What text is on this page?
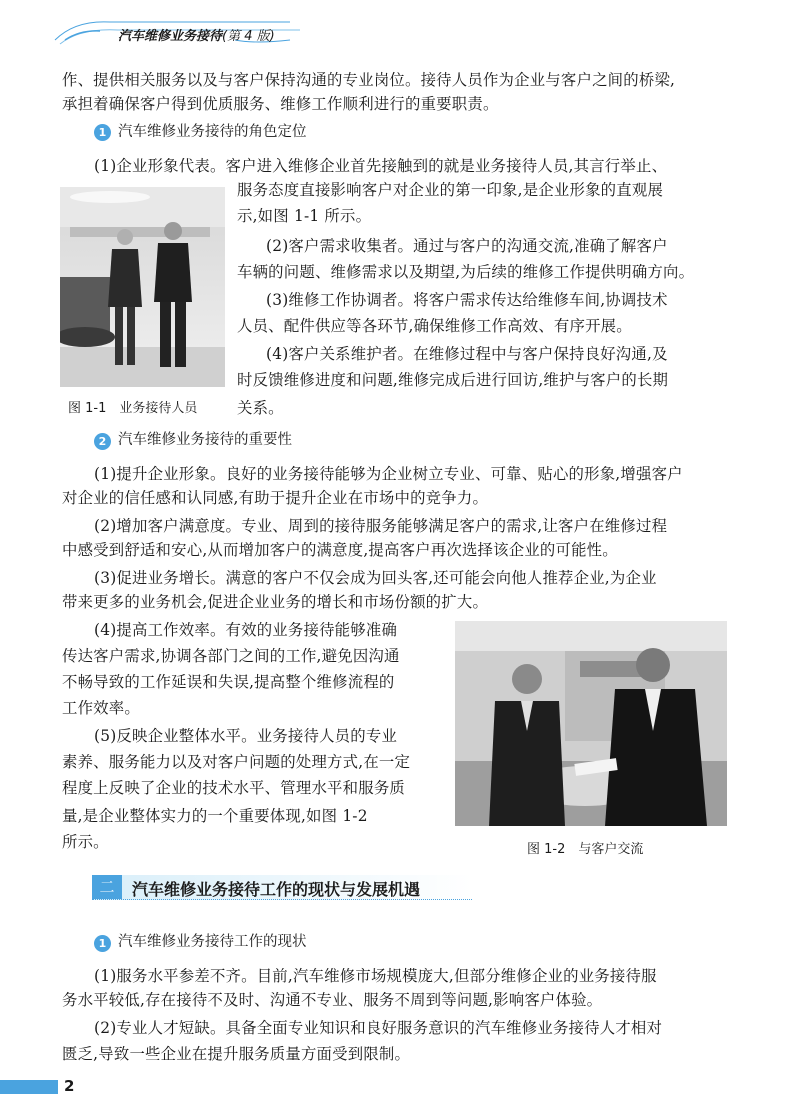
汽车维修业务接待(第 4 版)
作、提供相关服务以及与客户保持沟通的专业岗位。接待人员作为企业与客户之间的桥梁,
承担着确保客户得到优质服务、维修工作顺利进行的重要职责。
1 汽车维修业务接待的角色定位
(1)企业形象代表。客户进入维修企业首先接触到的就是业务接待人员,其言行举止、
服务态度直接影响客户对企业的第一印象,是企业形象的直观展
示,如图 1-1 所示。
(2)客户需求收集者。通过与客户的沟通交流,准确了解客户
车辆的问题、维修需求以及期望,为后续的维修工作提供明确方向。
(3)维修工作协调者。将客户需求传达给维修车间,协调技术
人员、配件供应等各环节,确保维修工作高效、有序开展。
(4)客户关系维护者。在维修过程中与客户保持良好沟通,及
时反馈维修进度和问题,维修完成后进行回访,维护与客户的长期
关系。
图 1-1　业务接待人员
2 汽车维修业务接待的重要性
(1)提升企业形象。良好的业务接待能够为企业树立专业、可靠、贴心的形象,增强客户
对企业的信任感和认同感,有助于提升企业在市场中的竞争力。
(2)增加客户满意度。专业、周到的接待服务能够满足客户的需求,让客户在维修过程
中感受到舒适和安心,从而增加客户的满意度,提高客户再次选择该企业的可能性。
(3)促进业务增长。满意的客户不仅会成为回头客,还可能会向他人推荐企业,为企业
带来更多的业务机会,促进企业业务的增长和市场份额的扩大。
(4)提高工作效率。有效的业务接待能够准确
传达客户需求,协调各部门之间的工作,避免因沟通
不畅导致的工作延误和失误,提高整个维修流程的
工作效率。
(5)反映企业整体水平。业务接待人员的专业
素养、服务能力以及对客户问题的处理方式,在一定
程度上反映了企业的技术水平、管理水平和服务质
量,是企业整体实力的一个重要体现,如图 1-2
所示。	图 1-2　与客户交流
二	汽车维修业务接待工作的现状与发展机遇
1 汽车维修业务接待工作的现状
(1)服务水平参差不齐。目前,汽车维修市场规模庞大,但部分维修企业的业务接待服
务水平较低,存在接待不及时、沟通不专业、服务不周到等问题,影响客户体验。
(2)专业人才短缺。具备全面专业知识和良好服务意识的汽车维修业务接待人才相对
匮乏,导致一些企业在提升服务质量方面受到限制。
2
